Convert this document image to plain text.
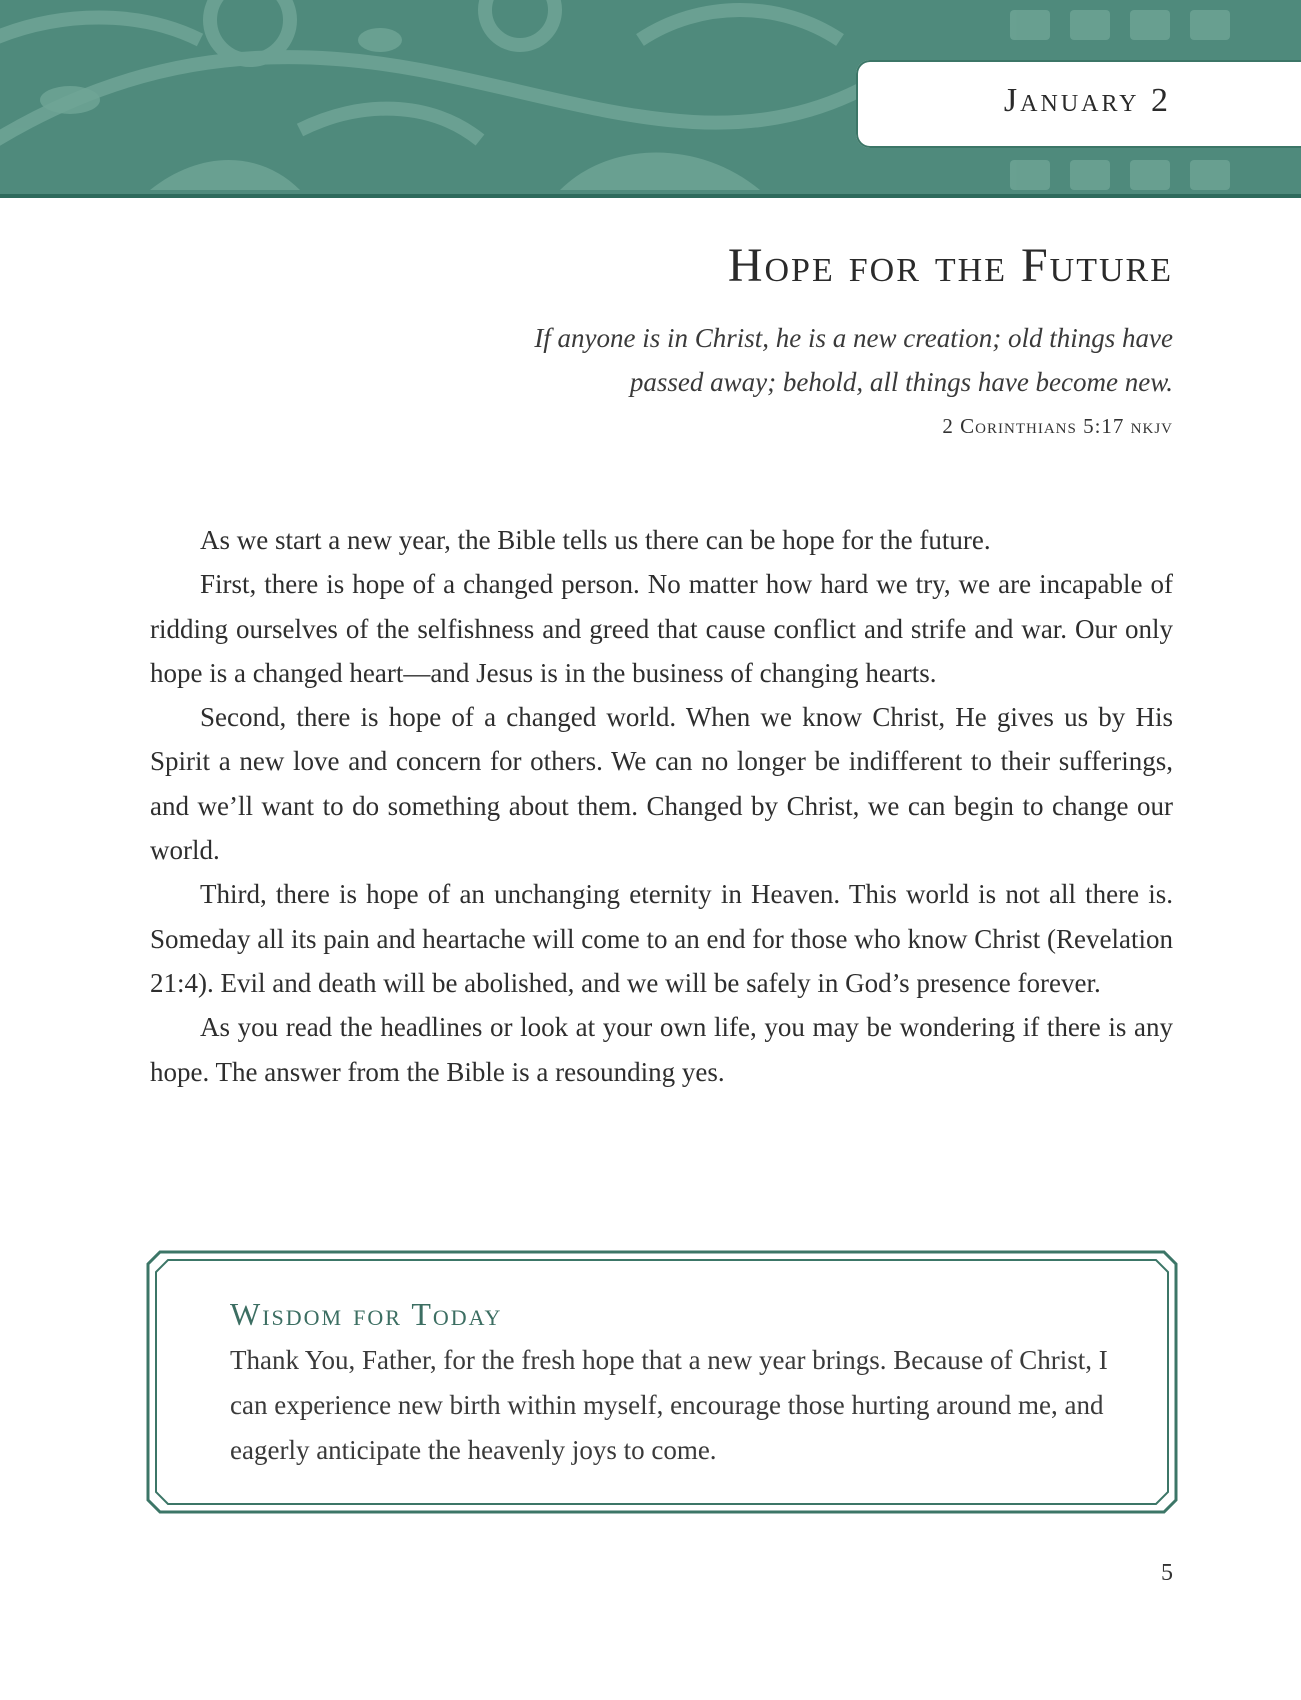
January 2
Hope for the Future
If anyone is in Christ, he is a new creation; old things have
passed away; behold, all things have become new.
2 Corinthians 5:17 nkjv

As we start a new year, the Bible tells us there can be hope for the future.

First, there is hope of a changed person. No matter how hard we try, we are incapable of ridding ourselves of the selfishness and greed that cause conflict and strife and war. Our only hope is a changed heart—and Jesus is in the business of changing hearts.

Second, there is hope of a changed world. When we know Christ, He gives us by His Spirit a new love and concern for others. We can no longer be indifferent to their sufferings, and we’ll want to do something about them. Changed by Christ, we can begin to change our world.

Third, there is hope of an unchanging eternity in Heaven. This world is not all there is. Someday all its pain and heartache will come to an end for those who know Christ (Revelation 21:4). Evil and death will be abolished, and we will be safely in God’s presence forever.

As you read the headlines or look at your own life, you may be wondering if there is any hope. The answer from the Bible is a resounding yes.

Wisdom for Today
Thank You, Father, for the fresh hope that a new year brings. Because of Christ, I can experience new birth within myself, encourage those hurting around me, and eagerly anticipate the heavenly joys to come.
5
